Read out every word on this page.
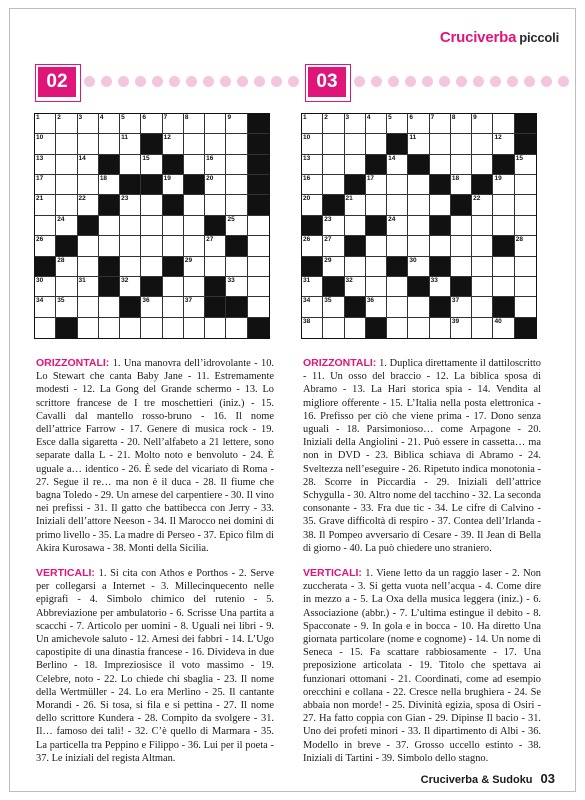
Cruciverba piccoli
02
1	2	3	4	5	6	7	8	9
10	11	12
13	14	15	16
17	18	19	20
21	22	23
24	25
26	27
28	29
30	31	32	33
34 35	36	37

ORIZZONTALI: 1. Una manovra dell’idrovolante - 10. Lo Stewart che canta Baby Jane - 11. Estremamente modesti - 12. La Gong del Grande schermo - 13. Lo scrittore francese de I tre moschettieri (iniz.) - 15. Cavalli dal mantello rosso-bruno - 16. Il nome dell’attrice Farrow - 17. Genere di musica rock - 19. Esce dalla sigaretta - 20. Nell’alfabeto a 21 lettere, sono separate dalla L - 21. Molto noto e benvoluto - 24. È uguale a… identico - 26. È sede del vicariato di Roma - 27. Segue il re… ma non è il duca - 28. Il fiume che bagna Toledo - 29. Un arnese del carpentiere - 30. Il vino nei prefissi - 31. Il gatto che battibecca con Jerry - 33. Iniziali dell’attore Neeson - 34. Il Marocco nei domini di primo livello - 35. La madre di Perseo - 37. Epico film di Akira Kurosawa - 38. Monti della Sicilia.

VERTICALI: 1. Si cita con Athos e Porthos - 2. Serve per collegarsi a Internet - 3. Millecinquecento nelle epigrafi - 4. Simbolo chimico del rutenio - 5. Abbreviazione per ambulatorio - 6. Scrisse Una partita a scacchi - 7. Articolo per uomini - 8. Uguali nei libri - 9. Un amichevole saluto - 12. Arnesi dei fabbri - 14. L’Ugo capostipite di una dinastia francese - 16. Divideva in due Berlino - 18. Impreziosisce il voto massimo - 19. Celebre, noto - 22. Lo chiede chi sbaglia - 23. Il nome della Wertmüller - 24. Lo era Merlino - 25. Il cantante Morandi - 26. Si tosa, si fila e si pettina - 27. Il nome dello scrittore Kundera - 28. Compito da svolgere - 31. Il… famoso dei talì! - 32. C’è quello di Marmara - 35. La particella tra Peppino e Filippo - 36. Lui per il poeta - 37. Le iniziali del regista Altman.

03
1	2	3	4	5	6	7	8	9
10	11	12
13	14	15
16	17	18	19
20	21	22
23	24
26 27	28
29	30
31	32	33
34 35	36	37
38	39	40

ORIZZONTALI: 1. Duplica direttamente il dattiloscritto - 11. Un osso del braccio - 12. La biblica sposa di Abramo - 13. La Hari storica spia - 14. Vendita al migliore offerente - 15. L’Italia nella posta elettronica - 16. Prefisso per ciò che viene prima - 17. Dono senza uguali - 18. Parsimonioso… come Arpagone - 20. Iniziali della Angiolini - 21. Può essere in cassetta… ma non in DVD - 23. Biblica schiava di Abramo - 24. Sveltezza nell’eseguire - 26. Ripetuto indica monotonia - 28. Scorre in Piccardia - 29. Iniziali dell’attrice Schygulla - 30. Altro nome del tacchino - 32. La seconda consonante - 33. Fra due tic - 34. Le cifre di Calvino - 35. Grave difficoltà di respiro - 37. Contea dell’Irlanda - 38. Il Pompeo avversario di Cesare - 39. Il Jean di Bella di giorno - 40. La può chiedere uno straniero.

VERTICALI: 1. Viene letto da un raggio laser - 2. Non zuccherata - 3. Si getta vuota nell’acqua - 4. Come dire in mezzo a - 5. La Oxa della musica leggera (iniz.) - 6. Associazione (abbr.) - 7. L’ultima estingue il debito - 8. Spacconate - 9. In gola e in bocca - 10. Ha diretto Una giornata particolare (nome e cognome) - 14. Un nome di Seneca - 15. Fa scattare rabbiosamente - 17. Una preposizione articolata - 19. Titolo che spettava ai funzionari ottomani - 21. Coordinati, come ad esempio orecchini e collana - 22. Cresce nella brughiera - 24. Se abbaia non morde! - 25. Divinità egizia, sposa di Osiri - 27. Ha fatto coppia con Gian - 29. Dipinse Il bacio - 31. Uno dei profeti minori - 33. Il dipartimento di Albi - 36. Modello in breve - 37. Grosso uccello estinto - 38. Iniziali di Tartini - 39. Simbolo dello stagno.

Cruciverba & Sudoku 03
